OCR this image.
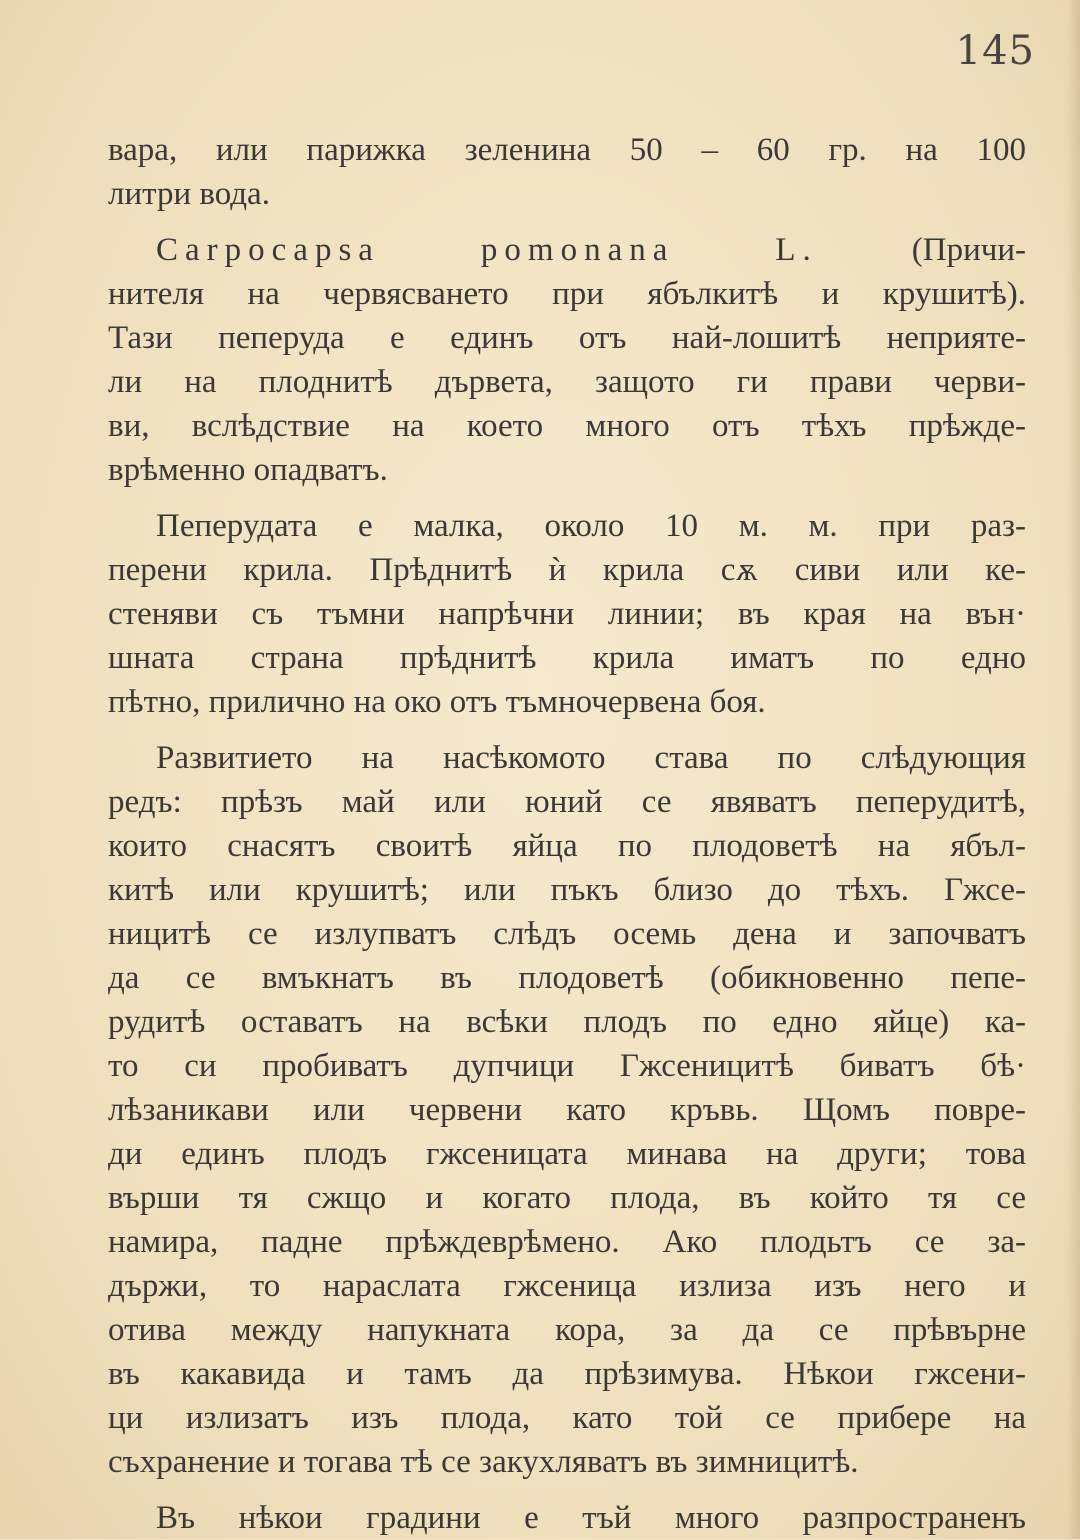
145
вара, или парижка зеленина 50 – 60 гр. на 100
литри вода.
Carpocapsa pomonana L. (Причи-
нителя на червясването при ябълкитѣ и крушитѣ).
Тази пеперуда е единъ отъ най-лошитѣ неприяте-
ли на плоднитѣ дървета, защото ги прави черви-
ви, вслѣдствие на което много отъ тѣхъ прѣжде-
врѣменно опадватъ.
Пеперудата е малка, около 10 м. м. при раз-
перени крила. Прѣднитѣ ѝ крила сѫ сиви или ке-
стеняви съ тъмни напрѣчни линии; въ края на вън·
шната страна прѣднитѣ крила иматъ по едно
пѣтно, прилично на око отъ тъмночервена боя.
Развитието на насѣкомото става по слѣдующия
редъ: прѣзъ май или юний се явяватъ пеперудитѣ,
които снасятъ своитѣ яйца по плодоветѣ на ябъл-
китѣ или крушитѣ; или пъкъ близо до тѣхъ. Гжсе-
ницитѣ се излупватъ слѣдъ осемь дена и започватъ
да се вмъкнатъ въ плодоветѣ (обикновенно пепе-
рудитѣ оставатъ на всѣки плодъ по едно яйце) ка-
то си пробиватъ дупчици Гжсеницитѣ биватъ бѣ·
лѣзаникави или червени като кръвь. Щомъ повре-
ди единъ плодъ гжсеницата минава на други; това
върши тя сжщо и когато плода, въ който тя се
намира, падне прѣждеврѣмено. Ако плодьтъ се за-
държи, то нараслата гжсеница излиза изъ него и
отива между напукната кора, за да се прѣвърне
въ какавида и тамъ да прѣзимува. Нѣкои гжсени-
ци излизатъ изъ плода, като той се прибере на
съхранение и тогава тѣ се закухляватъ въ зимницитѣ.
Въ нѣкои градини е тъй много разпространенъ
